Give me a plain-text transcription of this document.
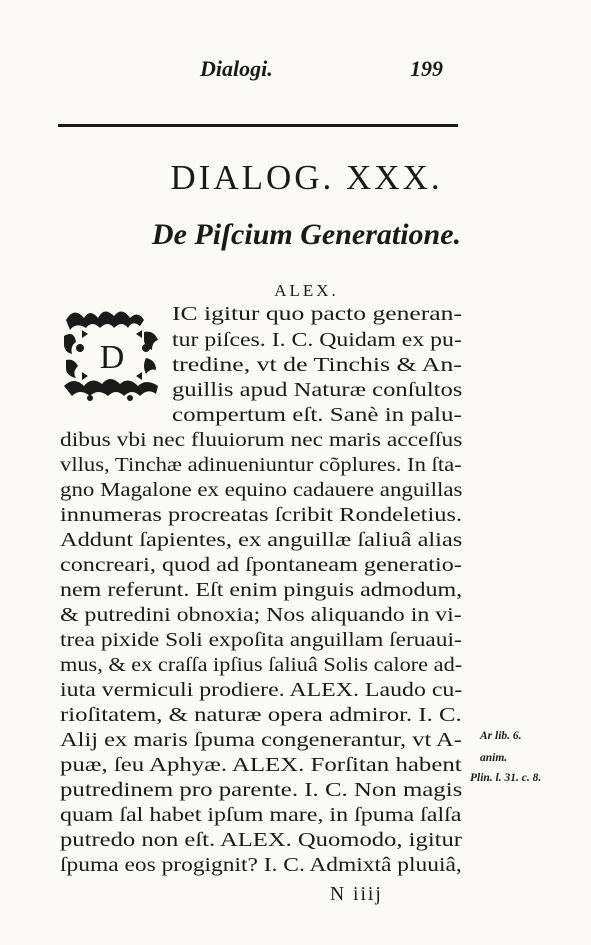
Dialogi.	199
DIALOG. XXX.
De Piſcium Generatione.
ALEX.
D
IC igitur quo pacto generan-
tur piſces. I. C. Quidam ex pu-
tredine, vt de Tinchis & An-
guillis apud Naturæ conſultos
compertum eſt. Sanè in palu-
dibus vbi nec fluuiorum nec maris acceſſus
vllus, Tinchæ adinueniuntur cõplures. In ſta-
gno Magalone ex equino cadauere anguillas
innumeras procreatas ſcribit Rondeletius.
Addunt ſapientes, ex anguillæ ſaliuâ alias
concreari, quod ad ſpontaneam generatio-
nem referunt. Eſt enim pinguis admodum,
& putredini obnoxia; Nos aliquando in vi-
trea pixide Soli expoſita anguillam ſeruaui-
mus, & ex craſſa ipſius ſaliuâ Solis calore ad-
iuta vermiculi prodiere. ALEX. Laudo cu-
rioſitatem, & naturæ opera admiror. I. C.
Alij ex maris ſpuma congenerantur, vt A-
puæ, ſeu Aphyæ. ALEX. Forſitan habent
putredinem pro parente. I. C. Non magis
quam ſal habet ipſum mare, in ſpuma ſalſa
putredo non eſt. ALEX. Quomodo, igitur
ſpuma eos progignit? I. C. Admixtâ pluuiâ,
Ar lib. 6.
anim.
Plin. l. 31. c. 8.
N iiij
